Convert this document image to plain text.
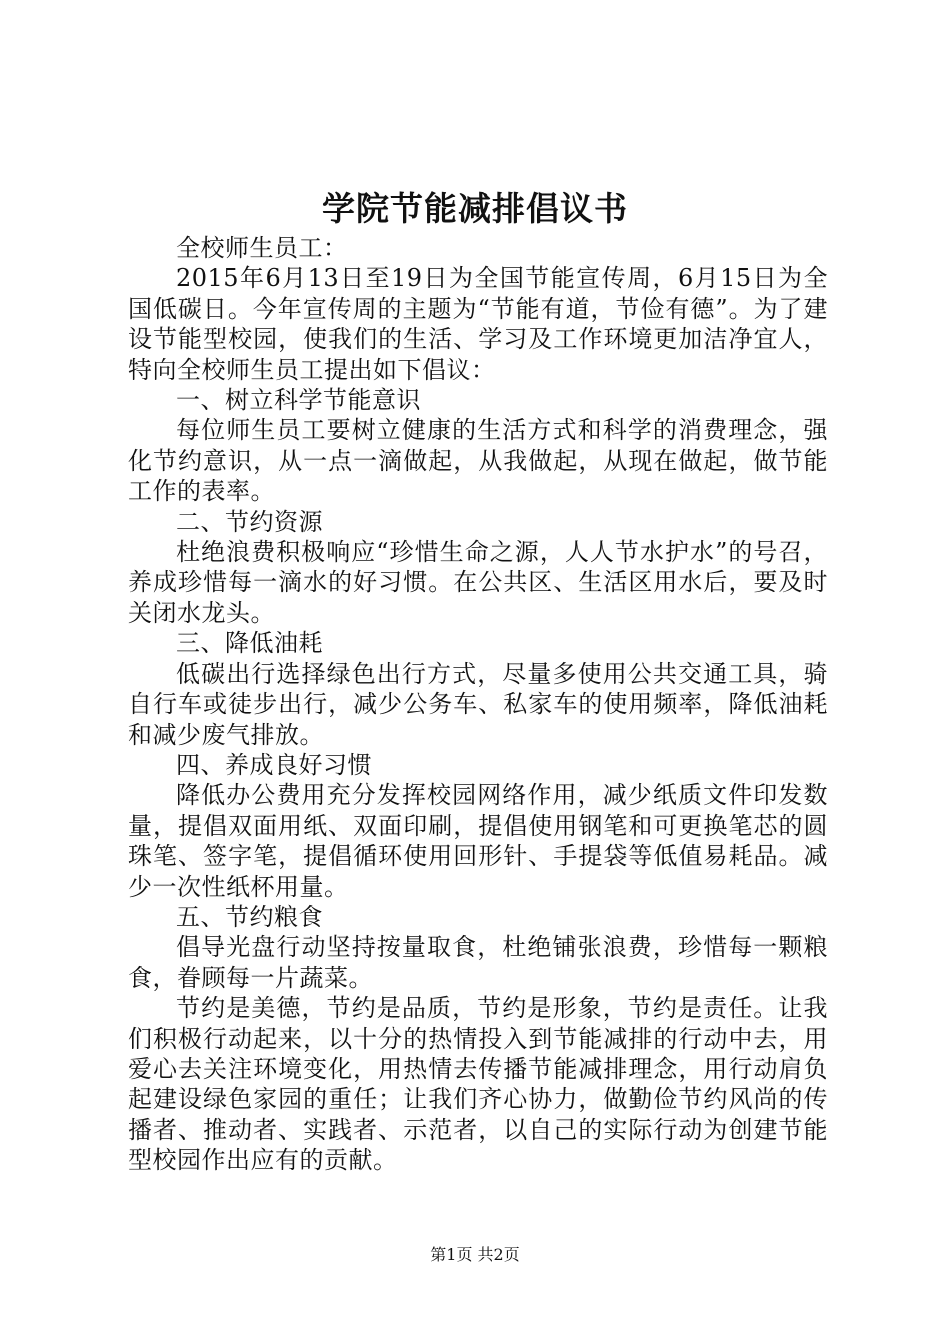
学院节能减排倡议书

全校师生员工：

2015年6月13日至19日为全国节能宣传周，6月15日为全国低碳日。今年宣传周的主题为“节能有道，节俭有德”。为了建设节能型校园，使我们的生活、学习及工作环境更加洁净宜人，特向全校师生员工提出如下倡议：

一、树立科学节能意识

每位师生员工要树立健康的生活方式和科学的消费理念，强化节约意识，从一点一滴做起，从我做起，从现在做起，做节能工作的表率。

二、节约资源

杜绝浪费积极响应“珍惜生命之源，人人节水护水”的号召，养成珍惜每一滴水的好习惯。在公共区、生活区用水后，要及时关闭水龙头。

三、降低油耗

低碳出行选择绿色出行方式，尽量多使用公共交通工具，骑自行车或徒步出行，减少公务车、私家车的使用频率，降低油耗和减少废气排放。

四、养成良好习惯

降低办公费用充分发挥校园网络作用，减少纸质文件印发数量，提倡双面用纸、双面印刷，提倡使用钢笔和可更换笔芯的圆珠笔、签字笔，提倡循环使用回形针、手提袋等低值易耗品。减少一次性纸杯用量。

五、节约粮食

倡导光盘行动坚持按量取食，杜绝铺张浪费，珍惜每一颗粮食，眷顾每一片蔬菜。

节约是美德，节约是品质，节约是形象，节约是责任。让我们积极行动起来，以十分的热情投入到节能减排的行动中去，用爱心去关注环境变化，用热情去传播节能减排理念，用行动肩负起建设绿色家园的重任；让我们齐心协力，做勤俭节约风尚的传播者、推动者、实践者、示范者，以自己的实际行动为创建节能型校园作出应有的贡献。

第1页 共2页
